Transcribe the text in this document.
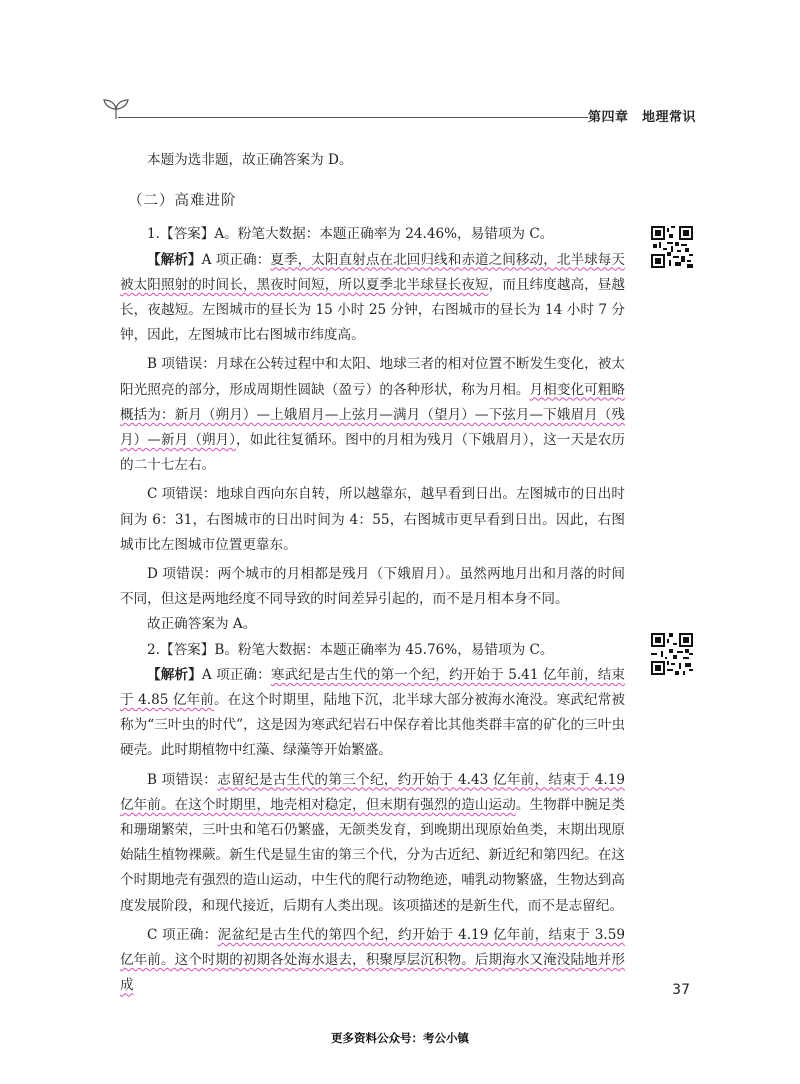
第四章　地理常识

本题为选非题，故正确答案为 D。

（二）高难进阶

1.【答案】A。粉笔大数据：本题正确率为 24.46%，易错项为 C。

【解析】A 项正确：夏季，太阳直射点在北回归线和赤道之间移动，北半球每天被太阳照射的时间长，黑夜时间短，所以夏季北半球昼长夜短，而且纬度越高，昼越长，夜越短。左图城市的昼长为 15 小时 25 分钟，右图城市的昼长为 14 小时 7 分钟，因此，左图城市比右图城市纬度高。

B 项错误：月球在公转过程中和太阳、地球三者的相对位置不断发生变化，被太阳光照亮的部分，形成周期性圆缺（盈亏）的各种形状，称为月相。月相变化可粗略概括为：新月（朔月）—上娥眉月—上弦月—满月（望月）—下弦月—下娥眉月（残月）—新月（朔月），如此往复循环。图中的月相为残月（下娥眉月），这一天是农历的二十七左右。

C 项错误：地球自西向东自转，所以越靠东，越早看到日出。左图城市的日出时间为 6：31，右图城市的日出时间为 4：55，右图城市更早看到日出。因此，右图城市比左图城市位置更靠东。

D 项错误：两个城市的月相都是残月（下娥眉月）。虽然两地月出和月落的时间不同，但这是两地经度不同导致的时间差异引起的，而不是月相本身不同。

故正确答案为 A。

2.【答案】B。粉笔大数据：本题正确率为 45.76%，易错项为 C。

【解析】A 项正确：寒武纪是古生代的第一个纪，约开始于 5.41 亿年前，结束于 4.85 亿年前。在这个时期里，陆地下沉，北半球大部分被海水淹没。寒武纪常被称为“三叶虫的时代”，这是因为寒武纪岩石中保存着比其他类群丰富的矿化的三叶虫硬壳。此时期植物中红藻、绿藻等开始繁盛。

B 项错误：志留纪是古生代的第三个纪，约开始于 4.43 亿年前，结束于 4.19 亿年前。在这个时期里，地壳相对稳定，但末期有强烈的造山运动。生物群中腕足类和珊瑚繁荣，三叶虫和笔石仍繁盛，无颌类发育，到晚期出现原始鱼类，末期出现原始陆生植物裸蕨。新生代是显生宙的第三个代，分为古近纪、新近纪和第四纪。在这个时期地壳有强烈的造山运动，中生代的爬行动物绝迹，哺乳动物繁盛，生物达到高度发展阶段，和现代接近，后期有人类出现。该项描述的是新生代，而不是志留纪。

C 项正确：泥盆纪是古生代的第四个纪，约开始于 4.19 亿年前，结束于 3.59 亿年前。这个时期的初期各处海水退去，积聚厚层沉积物。后期海水又淹没陆地并形成	37
更多资料公众号：考公小镇
